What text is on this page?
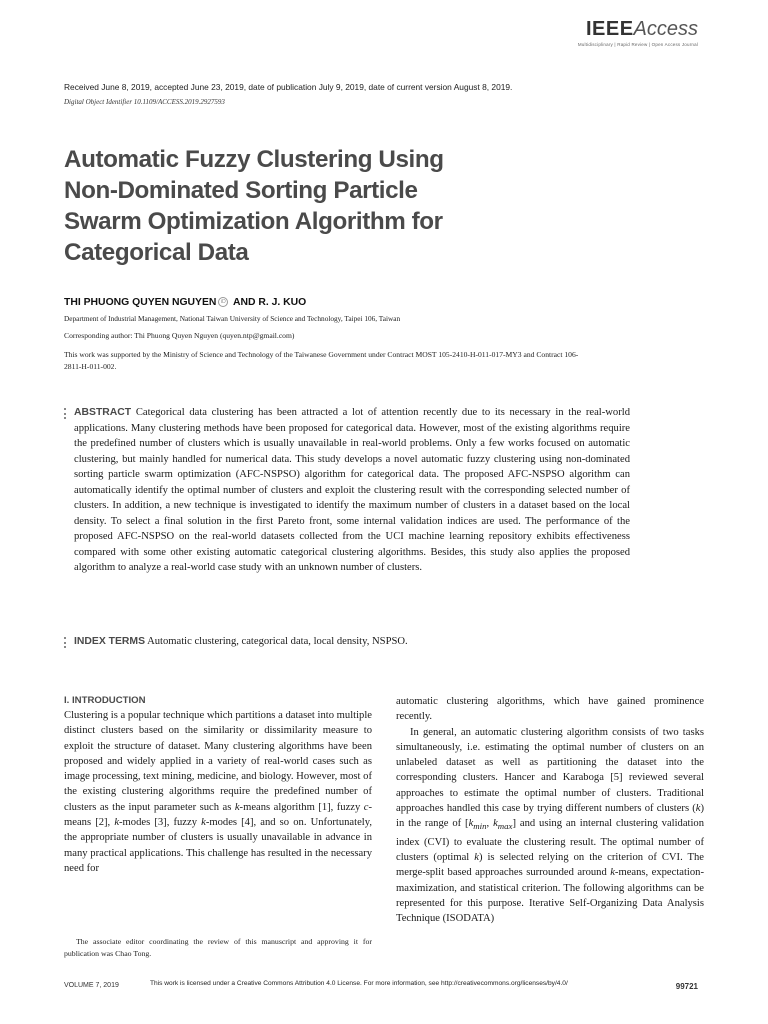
IEEEAccess
Multidisciplinary | Rapid Review | Open Access Journal
Received June 8, 2019, accepted June 23, 2019, date of publication July 9, 2019, date of current version August 8, 2019.
Digital Object Identifier 10.1109/ACCESS.2019.2927593
Automatic Fuzzy Clustering Using Non-Dominated Sorting Particle Swarm Optimization Algorithm for Categorical Data
THI PHUONG QUYEN NGUYEN iD AND R. J. KUO
Department of Industrial Management, National Taiwan University of Science and Technology, Taipei 106, Taiwan
Corresponding author: Thi Phuong Quyen Nguyen (quyen.ntp@gmail.com)
This work was supported by the Ministry of Science and Technology of the Taiwanese Government under Contract MOST 105-2410-H-011-017-MY3 and Contract 106-2811-H-011-002.
ABSTRACT Categorical data clustering has been attracted a lot of attention recently due to its necessary in the real-world applications. Many clustering methods have been proposed for categorical data. However, most of the existing algorithms require the predefined number of clusters which is usually unavailable in real-world problems. Only a few works focused on automatic clustering, but mainly handled for numerical data. This study develops a novel automatic fuzzy clustering using non-dominated sorting particle swarm optimization (AFC-NSPSO) algorithm for categorical data. The proposed AFC-NSPSO algorithm can automatically identify the optimal number of clusters and exploit the clustering result with the corresponding selected number of clusters. In addition, a new technique is investigated to identify the maximum number of clusters in a dataset based on the local density. To select a final solution in the first Pareto front, some internal validation indices are used. The performance of the proposed AFC-NSPSO on the real-world datasets collected from the UCI machine learning repository exhibits effectiveness compared with some other existing automatic categorical clustering algorithms. Besides, this study also applies the proposed algorithm to analyze a real-world case study with an unknown number of clusters.
INDEX TERMS Automatic clustering, categorical data, local density, NSPSO.
I. INTRODUCTION
Clustering is a popular technique which partitions a dataset into multiple distinct clusters based on the similarity or dissimilarity measure to exploit the structure of dataset. Many clustering algorithms have been proposed and widely applied in a variety of real-world cases such as image processing, text mining, medicine, and biology. However, most of the existing clustering algorithms require the predefined number of clusters as the input parameter such as k-means algorithm [1], fuzzy c-means [2], k-modes [3], fuzzy k-modes [4], and so on. Unfortunately, the appropriate number of clusters is usually unavailable in advance in many practical applications. This challenge has resulted in the necessary need for
automatic clustering algorithms, which have gained prominence recently.
In general, an automatic clustering algorithm consists of two tasks simultaneously, i.e. estimating the optimal number of clusters on an unlabeled dataset as well as partitioning the dataset into the corresponding clusters. Hancer and Karaboga [5] reviewed several approaches to estimate the optimal number of clusters. Traditional approaches handled this case by trying different numbers of clusters (k) in the range of [$k_{min}$, $k_{max}$] and using an internal clustering validation index (CVI) to evaluate the clustering result. The optimal number of clusters (optimal k) is selected relying on the criterion of CVI. The merge-split based approaches surrounded around k-means, expectation-maximization, and statistical criterion. The following algorithms can be represented for this purpose. Iterative Self-Organizing Data Analysis Technique (ISODATA)
The associate editor coordinating the review of this manuscript and approving it for publication was Chao Tong.
VOLUME 7, 2019	This work is licensed under a Creative Commons Attribution 4.0 License. For more information, see http://creativecommons.org/licenses/by/4.0/	99721
